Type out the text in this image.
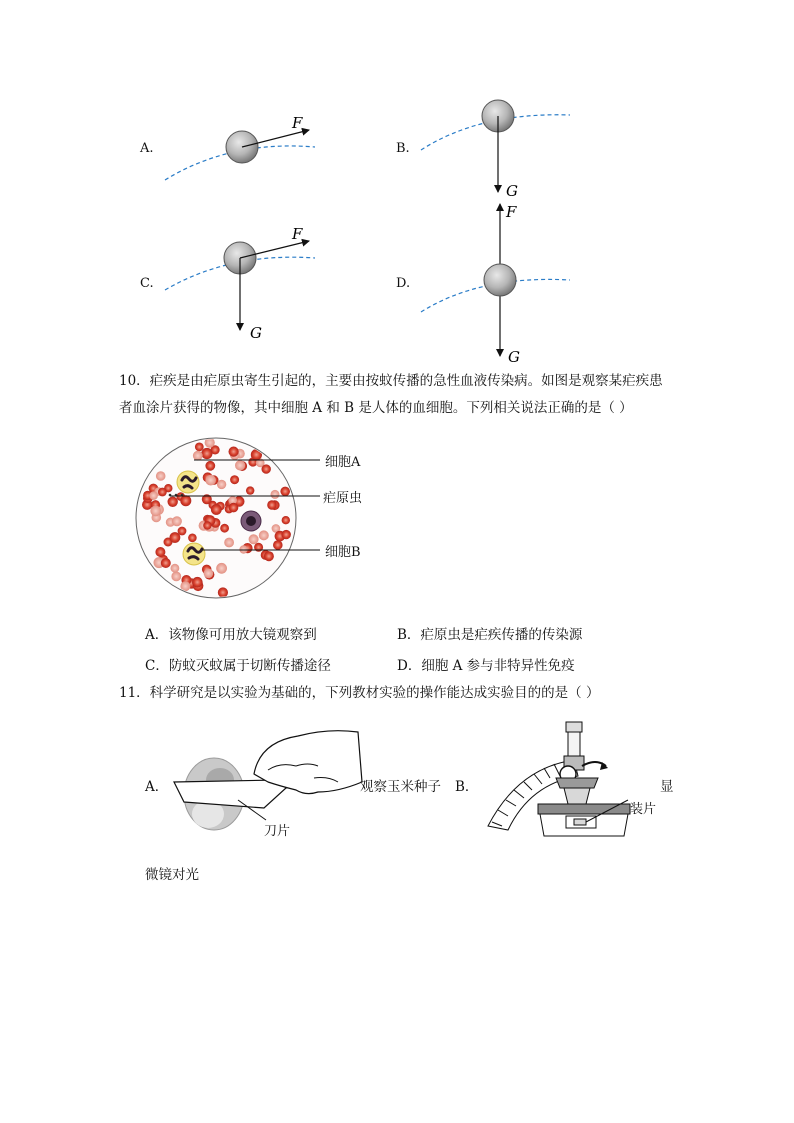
A.	B.
C.	D.
F
G
F
G
F
G

10．疟疾是由疟原虫寄生引起的，主要由按蚊传播的急性血液传染病。如图是观察某疟疾患

者血涂片获得的物像，其中细胞 A 和 B 是人体的血细胞。下列相关说法正确的是（ ）

细胞A
疟原虫
细胞B
A．该物像可用放大镜观察到	B．疟原虫是疟疾传播的传染源
C．防蚊灭蚊属于切断传播途径	D．细胞 A 参与非特异性免疫

11．科学研究是以实验为基础的，下列教材实验的操作能达成实验目的的是（ ）

A．
刀片
观察玉米种子 B．
装片
显
微镜对光
